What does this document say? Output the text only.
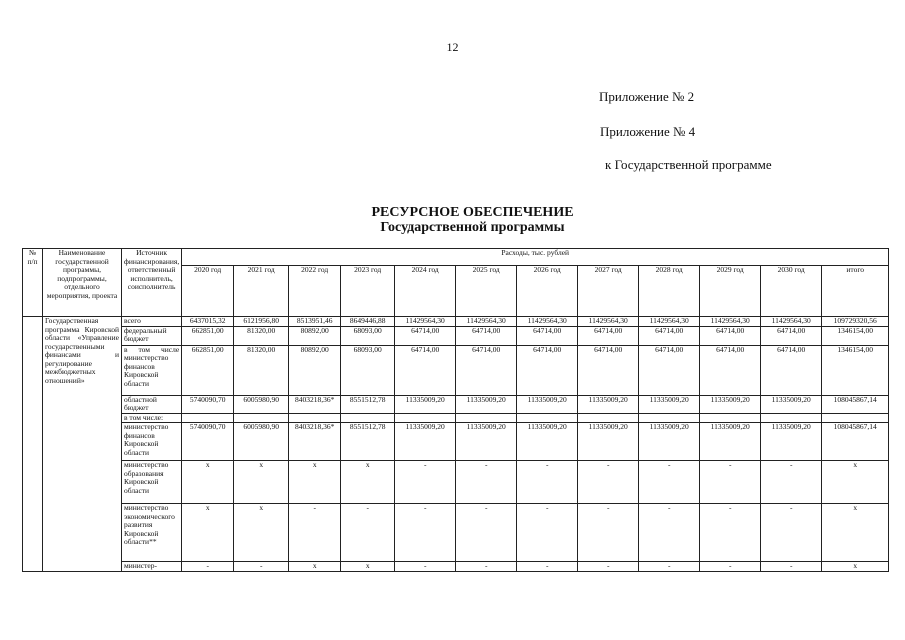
12
Приложение № 2
Приложение № 4
к Государственной программе
РЕСУРСНОЕ ОБЕСПЕЧЕНИЕ
Государственной программы
№ п/п	Наименование государственной программы, подпрограммы, отдельного мероприятия, проекта	Источник финансирования, ответственный исполнитель, соисполнитель	Расходы, тыс. рублей											
			2020 год	2021 год	2022 год	2023 год	2024 год	2025 год	2026 год	2027 год	2028 год	2029 год	2030 год	итого
	Государственная программа Кировской области «Управление государственными финансами и регулирование межбюджетных отношений»	всего	6437015,32	6121956,80	8513951,46	8649446,88	11429564,30	11429564,30	11429564,30	11429564,30	11429564,30	11429564,30	11429564,30	109729320,56
		федеральный бюджет	662851,00	81320,00	80892,00	68093,00	64714,00	64714,00	64714,00	64714,00	64714,00	64714,00	64714,00	1346154,00
		в том числе министерство финансов Кировской области	662851,00	81320,00	80892,00	68093,00	64714,00	64714,00	64714,00	64714,00	64714,00	64714,00	64714,00	1346154,00
		областной бюджет	5740090,70	6005980,90	8403218,36*	8551512,78	11335009,20	11335009,20	11335009,20	11335009,20	11335009,20	11335009,20	11335009,20	108045867,14
		в том числе:												
		министерство финансов Кировской области	5740090,70	6005980,90	8403218,36*	8551512,78	11335009,20	11335009,20	11335009,20	11335009,20	11335009,20	11335009,20	11335009,20	108045867,14
		министерство образования Кировской области	х	х	х	х	-	-	-	-	-	-	-	х
		министерство экономического развития Кировской области**	х	х	-	-	-	-	-	-	-	-	-	х
		министер-	-	-	х	х	-	-	-	-	-	-	-	х
